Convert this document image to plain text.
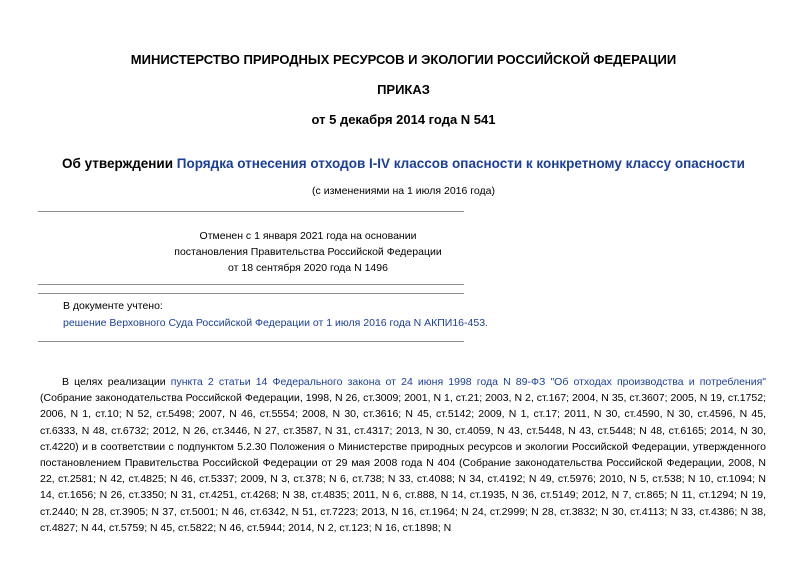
МИНИСТЕРСТВО ПРИРОДНЫХ РЕСУРСОВ И ЭКОЛОГИИ РОССИЙСКОЙ ФЕДЕРАЦИИ
ПРИКАЗ
от 5 декабря 2014 года N 541
Об утверждении Порядка отнесения отходов I-IV классов опасности к конкретному классу опасности
(с изменениями на 1 июля 2016 года)
Отменен с 1 января 2021 года на основании
постановления Правительства Российской Федерации
от 18 сентября 2020 года N 1496
В документе учтено:
решение Верховного Суда Российской Федерации от 1 июля 2016 года N АКПИ16-453.

В целях реализации пункта 2 статьи 14 Федерального закона от 24 июня 1998 года N 89-ФЗ "Об отходах производства и потребления" (Собрание законодательства Российской Федерации, 1998, N 26, ст.3009; 2001, N 1, ст.21; 2003, N 2, ст.167; 2004, N 35, ст.3607; 2005, N 19, ст.1752; 2006, N 1, ст.10; N 52, ст.5498; 2007, N 46, ст.5554; 2008, N 30, ст.3616; N 45, ст.5142; 2009, N 1, ст.17; 2011, N 30, ст.4590, N 30, ст.4596, N 45, ст.6333, N 48, ст.6732; 2012, N 26, ст.3446, N 27, ст.3587, N 31, ст.4317; 2013, N 30, ст.4059, N 43, ст.5448, N 43, ст.5448; N 48, ст.6165; 2014, N 30, ст.4220) и в соответствии с подпунктом 5.2.30 Положения о Министерстве природных ресурсов и экологии Российской Федерации, утвержденного постановлением Правительства Российской Федерации от 29 мая 2008 года N 404 (Собрание законодательства Российской Федерации, 2008, N 22, ст.2581; N 42, ст.4825; N 46, ст.5337; 2009, N 3, ст.378; N 6, ст.738; N 33, ст.4088; N 34, ст.4192; N 49, ст.5976; 2010, N 5, ст.538; N 10, ст.1094; N 14, ст.1656; N 26, ст.3350; N 31, ст.4251, ст.4268; N 38, ст.4835; 2011, N 6, ст.888, N 14, ст.1935, N 36, ст.5149; 2012, N 7, ст.865; N 11, ст.1294; N 19, ст.2440; N 28, ст.3905; N 37, ст.5001; N 46, ст.6342, N 51, ст.7223; 2013, N 16, ст.1964; N 24, ст.2999; N 28, ст.3832; N 30, ст.4113; N 33, ст.4386; N 38, ст.4827; N 44, ст.5759; N 45, ст.5822; N 46, ст.5944; 2014, N 2, ст.123; N 16, ст.1898; N
